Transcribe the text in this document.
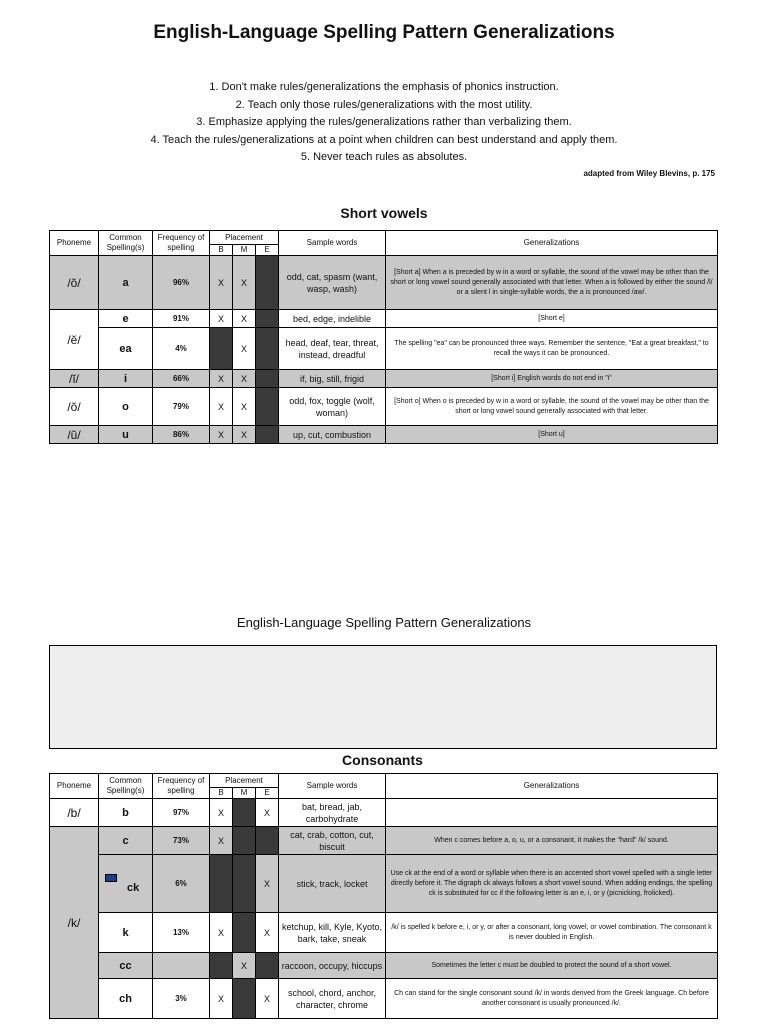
English-Language Spelling Pattern Generalizations
1. Don't make rules/generalizations the emphasis of phonics instruction.
2. Teach only those rules/generalizations with the most utility.
3. Emphasize applying the rules/generalizations rather than verbalizing them.
4. Teach the rules/generalizations at a point when children can best understand and apply them.
5. Never teach rules as absolutes.
adapted from Wiley Blevins, p. 175
Short vowels
Phoneme	Common Spelling(s)	Frequency of spelling	Placement			Sample words	Generalizations
			B	M	E		
/ŏ/	a	96%	X	X		odd, cat, spasm (want, wasp, wash)	[Short a] When a is preceded by w in a word or syllable, the sound of the vowel may be other than the short or long vowel sound generally associated with that letter. When a is followed by either the sound /l/ or a silent l in single-syllable words, the a is pronounced /aw/.
/ĕ/	e	91%	X	X		bed, edge, indelible	[Short e]
	ea	4%		X		head, deaf, tear, threat, instead, dreadful	The spelling "ea" can be pronounced three ways. Remember the sentence, "Eat a great breakfast," to recall the ways it can be pronounced.
/ĭ/	i	66%	X	X		if, big, still, frigid	[Short i] English words do not end in "i"
/ŏ/	o	79%	X	X		odd, fox, toggle (wolf, woman)	[Short o] When o is preceded by w in a word or syllable, the sound of the vowel may be other than the short or long vowel sound generally associated with that letter.
/ŭ/	u	86%	X	X		up, cut, combustion	[Short u]
English-Language Spelling Pattern Generalizations
Consonants
Phoneme	Common Spelling(s)	Frequency of spelling	Placement			Sample words	Generalizations
			B	M	E		
/b/	b	97%	X		X	bat, bread, jab, carbohydrate	
/k/	c	73%	X			cat, crab, cotton, cut, biscuit	When c comes before a, o, u, or a consonant, it makes the "hard" /k/ sound.

	ck	6%			X	stick, track, locket	Use ck at the end of a word or syllable when there is an accented short vowel spelled with a single letter directly before it. The digraph ck always follows a short vowel sound. When adding endings, the spelling ck is substituted for cc if the following letter is an e, i, or y (picnicking, frolicked).
	k	13%	X		X	ketchup, kill, Kyle, Kyoto, bark, take, sneak	/k/ is spelled k before e, i, or y, or after a consonant, long vowel, or vowel combination. The consonant k is never doubled in English.
	cc			X		raccoon, occupy, hiccups	Sometimes the letter c must be doubled to protect the sound of a short vowel.
	ch	3%	X		X	school, chord, anchor, character, chrome	Ch can stand for the single consonant sound /k/ in words derived from the Greek language. Ch before another consonant is usually pronounced /k/.
